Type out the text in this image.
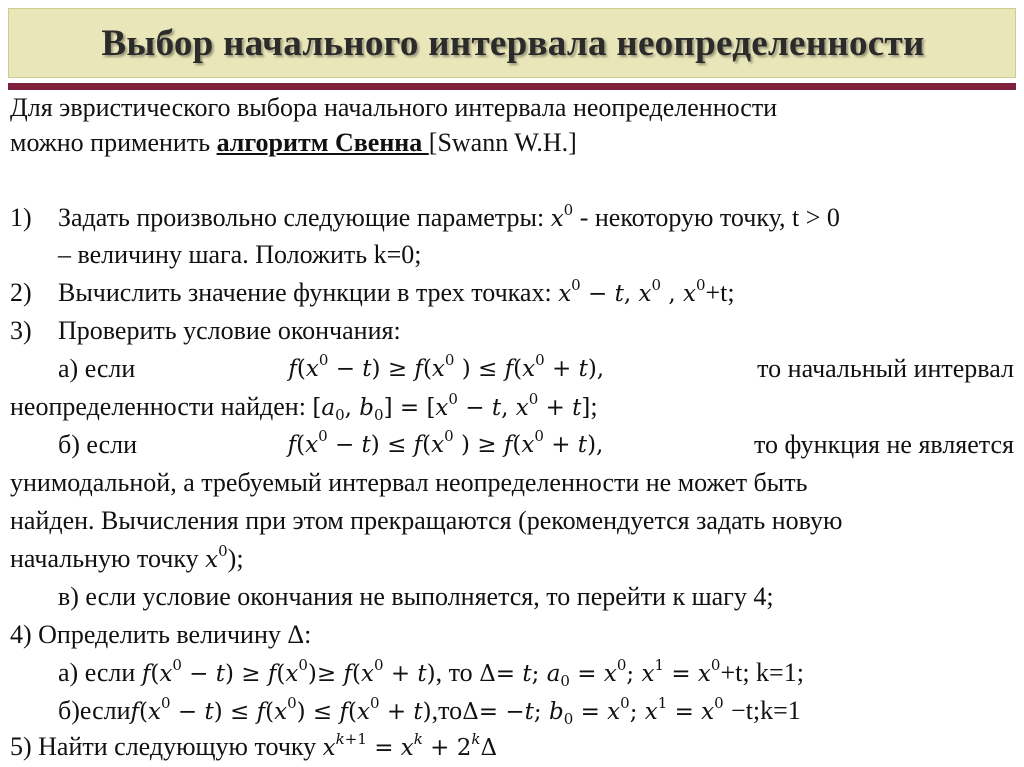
Выбор начального интервала неопределенности
Для эвристического выбора начального интервала неопределенности
можно применить алгоритм Свенна [Swann W.H.]
1) Задать произвольно следующие параметры: $x^0$ - некоторую точку, t > 0
– величину шага. Положить k=0;
2) Вычислить значение функции в трех точках: $x^0 - t$, $x^0$ , $x^0+t$;
3) Проверить условие окончания:
а) если	$f(x^0 - t) \ge f(x^0$ ) ≤ $f(x^0 + t)$,	то начальный интервал
неопределенности найден: [$a_0$, $b_0] = [x^0 - t$, $x^0 + t$];
б) если	$f(x^0 - t) \le f(x^0$ ) ≥ $f(x^0 + t)$,	то функция не является
унимодальной, а требуемый интервал неопределенности не может быть
найден. Вычисления при этом прекращаются (рекомендуется задать новую
начальную точку $x^0$);
в) если условие окончания не выполняется, то перейти к шагу 4;
4) Определить величину Δ:
а) если $f(x^0 - t) \ge f(x^0)\ge f(x^0 + t)$, то Δ= t; $a_0 = x^0$; $x^1 = x^0+t$; k=1;
$б)еслиf(x^0 - t) \le f(x^0) \le f(x^0 + t),то\Delta= -t$; $b_0 = x^0$; $x^1 = x^0$ −t;k=1
5) Найти следующую точку $x^{k+1} = x^k + 2^k\Delta$
